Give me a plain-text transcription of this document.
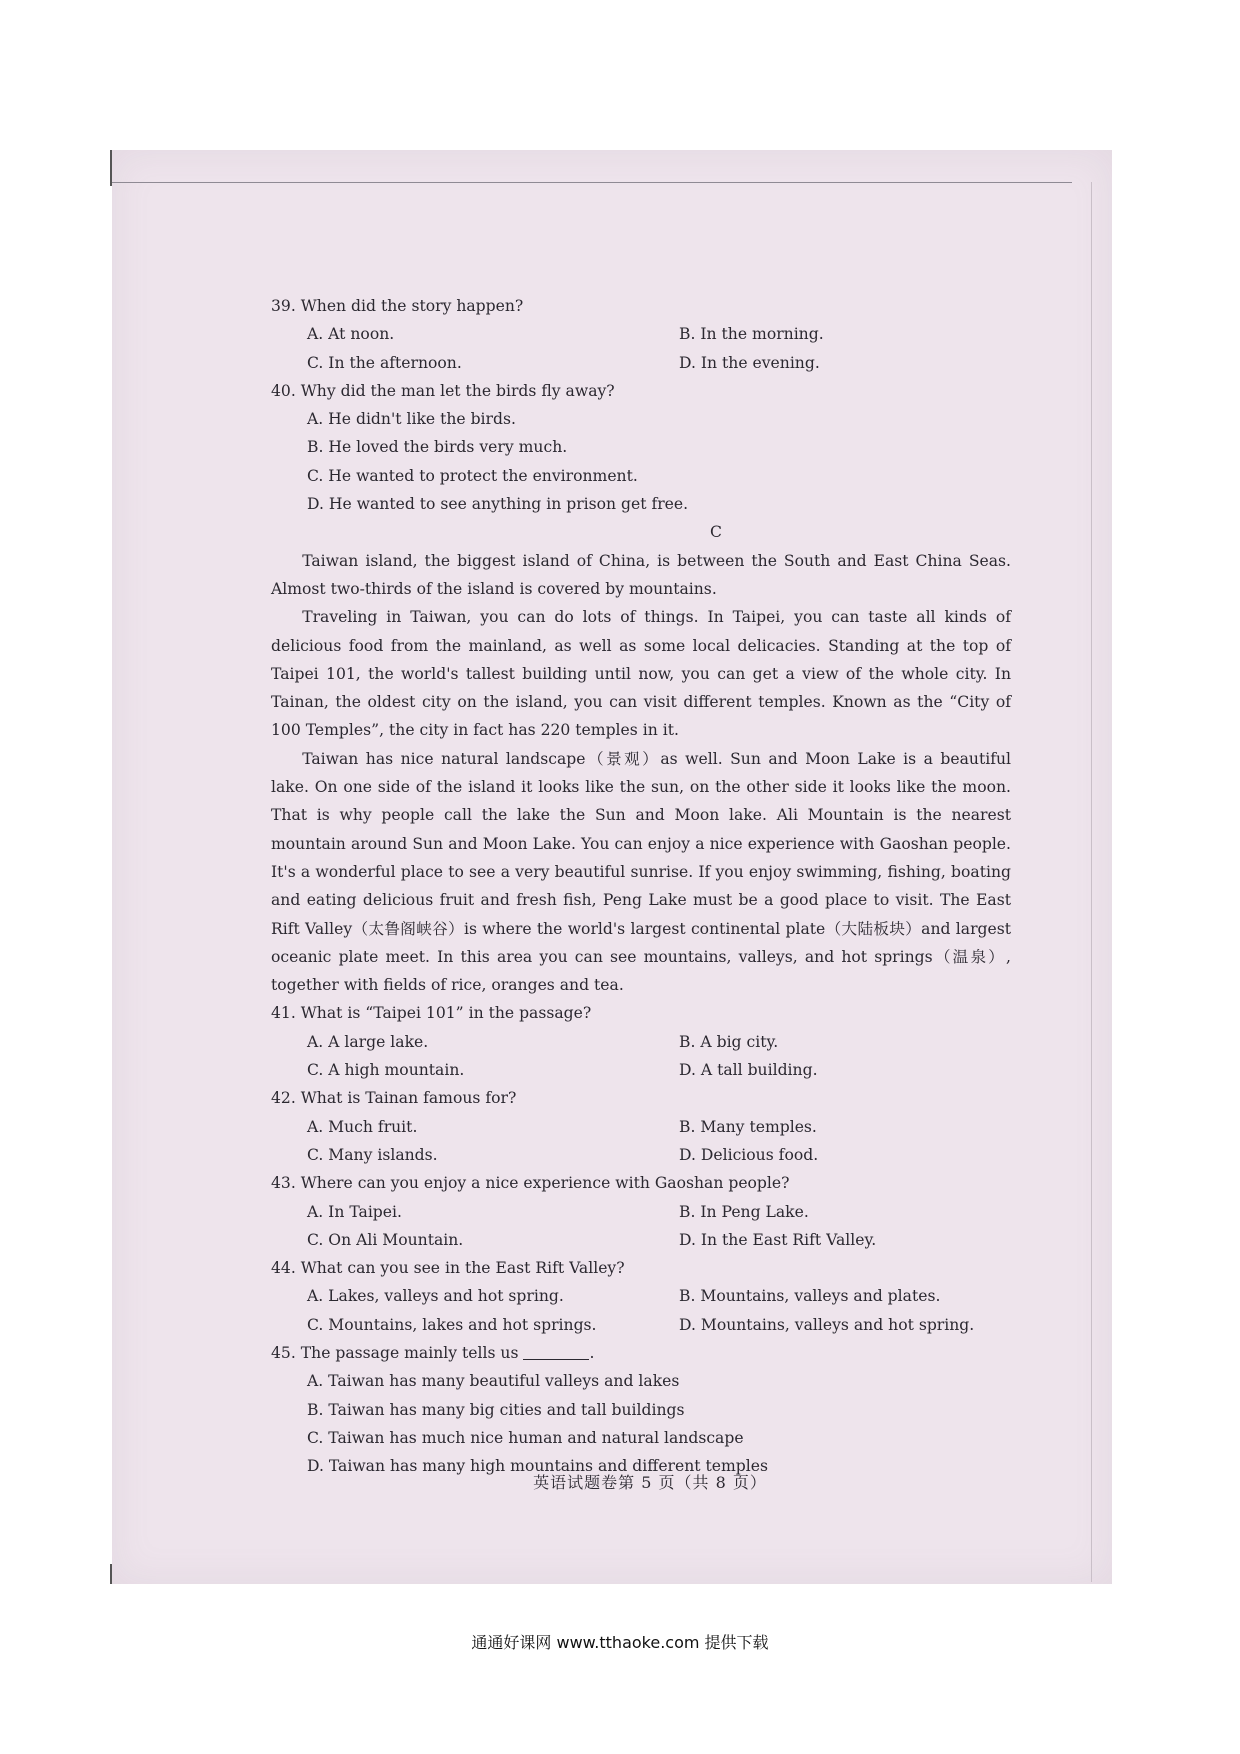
39. When did the story happen?

A. At noon.	B. In the morning.
C. In the afternoon.	D. In the evening.

40. Why did the man let the birds fly away?

A. He didn't like the birds.
B. He loved the birds very much.
C. He wanted to protect the environment.
D. He wanted to see anything in prison get free.
C

Taiwan island, the biggest island of China, is between the South and East China Seas. Almost two-thirds of the island is covered by mountains.

Traveling in Taiwan, you can do lots of things. In Taipei, you can taste all kinds of delicious food from the mainland, as well as some local delicacies. Standing at the top of Taipei 101, the world's tallest building until now, you can get a view of the whole city. In Tainan, the oldest city on the island, you can visit different temples. Known as the “City of 100 Temples”, the city in fact has 220 temples in it.

Taiwan has nice natural landscape（景观）as well. Sun and Moon Lake is a beautiful lake. On one side of the island it looks like the sun, on the other side it looks like the moon. That is why people call the lake the Sun and Moon lake. Ali Mountain is the nearest mountain around Sun and Moon Lake. You can enjoy a nice experience with Gaoshan people. It's a wonderful place to see a very beautiful sunrise. If you enjoy swimming, fishing, boating and eating delicious fruit and fresh fish, Peng Lake must be a good place to visit. The East Rift Valley（太鲁阁峡谷）is where the world's largest continental plate（大陆板块）and largest oceanic plate meet. In this area you can see mountains, valleys, and hot springs（温泉）, together with fields of rice, oranges and tea.

41. What is “Taipei 101” in the passage?

A. A large lake.	B. A big city.
C. A high mountain.	D. A tall building.

42. What is Tainan famous for?

A. Much fruit.	B. Many temples.
C. Many islands.	D. Delicious food.

43. Where can you enjoy a nice experience with Gaoshan people?

A. In Taipei.	B. In Peng Lake.
C. On Ali Mountain.	D. In the East Rift Valley.

44. What can you see in the East Rift Valley?

A. Lakes, valleys and hot spring.	B. Mountains, valleys and plates.
C. Mountains, lakes and hot springs.	D. Mountains, valleys and hot spring.

45. The passage mainly tells us	.

A. Taiwan has many beautiful valleys and lakes
B. Taiwan has many big cities and tall buildings
C. Taiwan has much nice human and natural landscape
D. Taiwan has many high mountains and different temples
英语试题卷第 5 页（共 8 页）
通通好课网 www.tthaoke.com 提供下载
